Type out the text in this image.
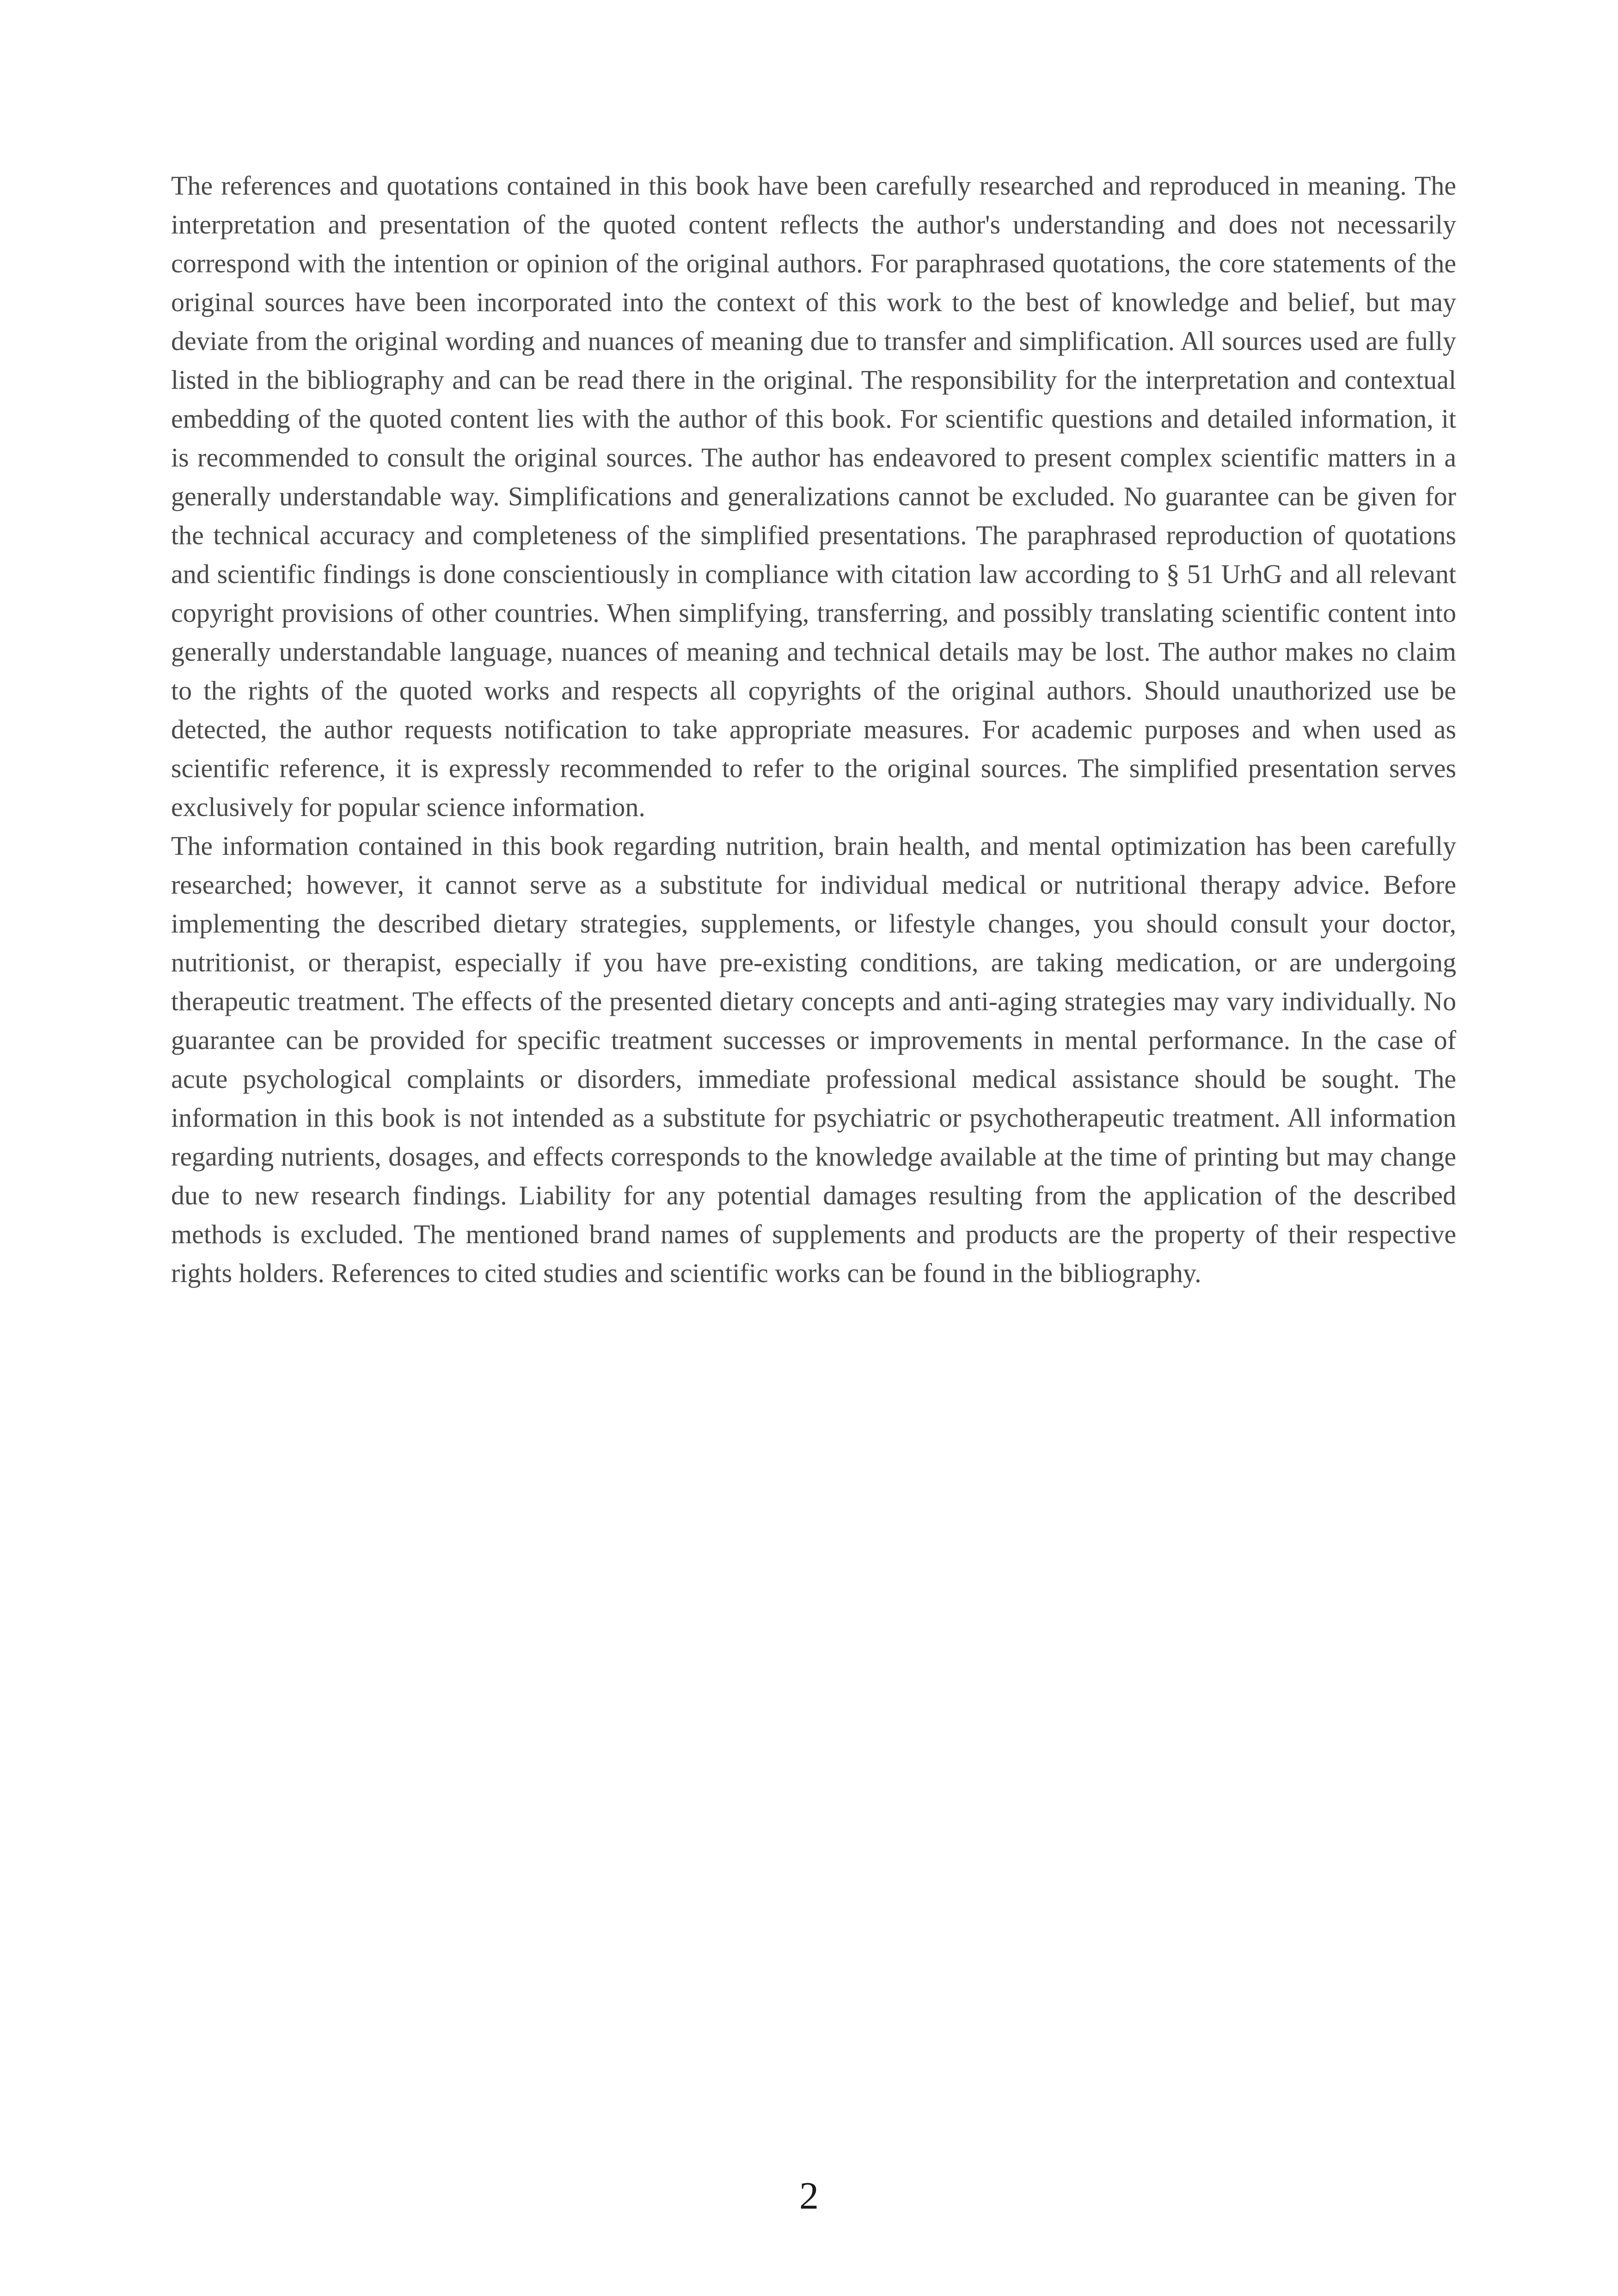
The references and quotations contained in this book have been carefully researched and reproduced in meaning. The interpretation and presentation of the quoted content reflects the author's understanding and does not necessarily correspond with the intention or opinion of the original authors. For paraphrased quotations, the core statements of the original sources have been incorporated into the context of this work to the best of knowledge and belief, but may deviate from the original wording and nuances of meaning due to transfer and simplification. All sources used are fully listed in the bibliography and can be read there in the original. The responsibility for the interpretation and contextual embedding of the quoted content lies with the author of this book. For scientific questions and detailed information, it is recommended to consult the original sources. The author has endeavored to present complex scientific matters in a generally understandable way. Simplifications and generalizations cannot be excluded. No guarantee can be given for the technical accuracy and completeness of the simplified presentations. The paraphrased reproduction of quotations and scientific findings is done conscientiously in compliance with citation law according to § 51 UrhG and all relevant copyright provisions of other countries. When simplifying, transferring, and possibly translating scientific content into generally understandable language, nuances of meaning and technical details may be lost. The author makes no claim to the rights of the quoted works and respects all copyrights of the original authors. Should unauthorized use be detected, the author requests notification to take appropriate measures. For academic purposes and when used as scientific reference, it is expressly recommended to refer to the original sources. The simplified presentation serves exclusively for popular science information.

The information contained in this book regarding nutrition, brain health, and mental optimization has been carefully researched; however, it cannot serve as a substitute for individual medical or nutritional therapy advice. Before implementing the described dietary strategies, supplements, or lifestyle changes, you should consult your doctor, nutritionist, or therapist, especially if you have pre-existing conditions, are taking medication, or are undergoing therapeutic treatment. The effects of the presented dietary concepts and anti-aging strategies may vary individually. No guarantee can be provided for specific treatment successes or improvements in mental performance. In the case of acute psychological complaints or disorders, immediate professional medical assistance should be sought. The information in this book is not intended as a substitute for psychiatric or psychotherapeutic treatment. All information regarding nutrients, dosages, and effects corresponds to the knowledge available at the time of printing but may change due to new research findings. Liability for any potential damages resulting from the application of the described methods is excluded. The mentioned brand names of supplements and products are the property of their respective rights holders. References to cited studies and scientific works can be found in the bibliography.

2
